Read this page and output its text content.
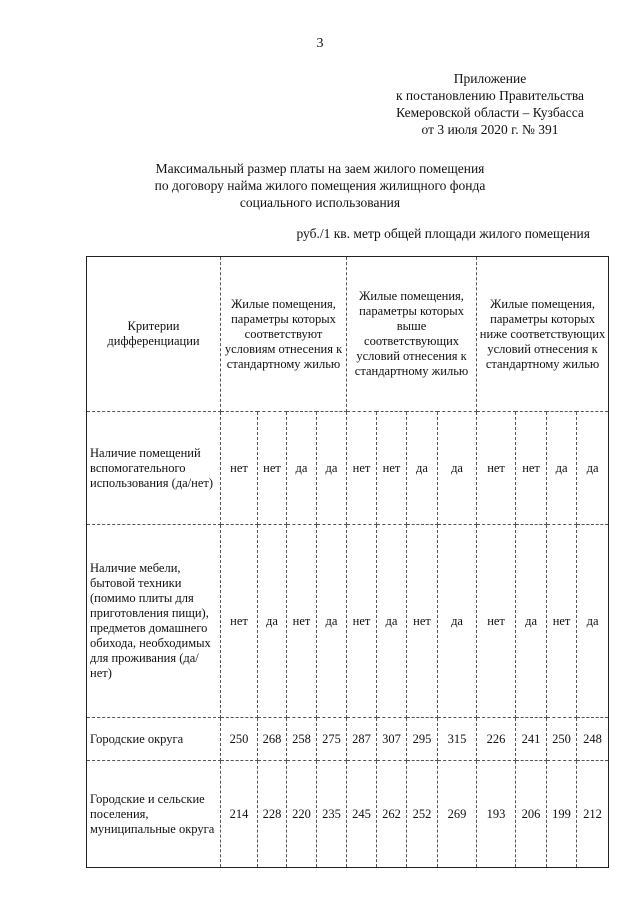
3
Приложение
к постановлению Правительства
Кемеровской области – Кузбасса
от 3 июля 2020 г. № 391
Максимальный размер платы на заем жилого помещения
по договору найма жилого помещения жилищного фонда
социального использования
руб./1 кв. метр общей площади жилого помещения
Критерии дифференциации	Жилые помещения, параметры которых соответствуют условиям отнесения к стандартному жилью				Жилые помещения, параметры которых выше соответствующих условий отнесения к стандартному жилью				Жилые помещения, параметры которых ниже соответствующих условий отнесения к стандартному жилью			
Наличие помещений вспомогательного использования (да/нет)	нет	нет	да	да	нет	нет	да	да	нет	нет	да	да
Наличие мебели, бытовой техники (помимо плиты для приготовления пищи), предметов домашнего обихода, необходимых для проживания (да/нет)	нет	да	нет	да	нет	да	нет	да	нет	да	нет	да
Городские округа	250	268	258	275	287	307	295	315	226	241	250	248
Городские и сельские поселения, муниципальные округа	214	228	220	235	245	262	252	269	193	206	199	212
